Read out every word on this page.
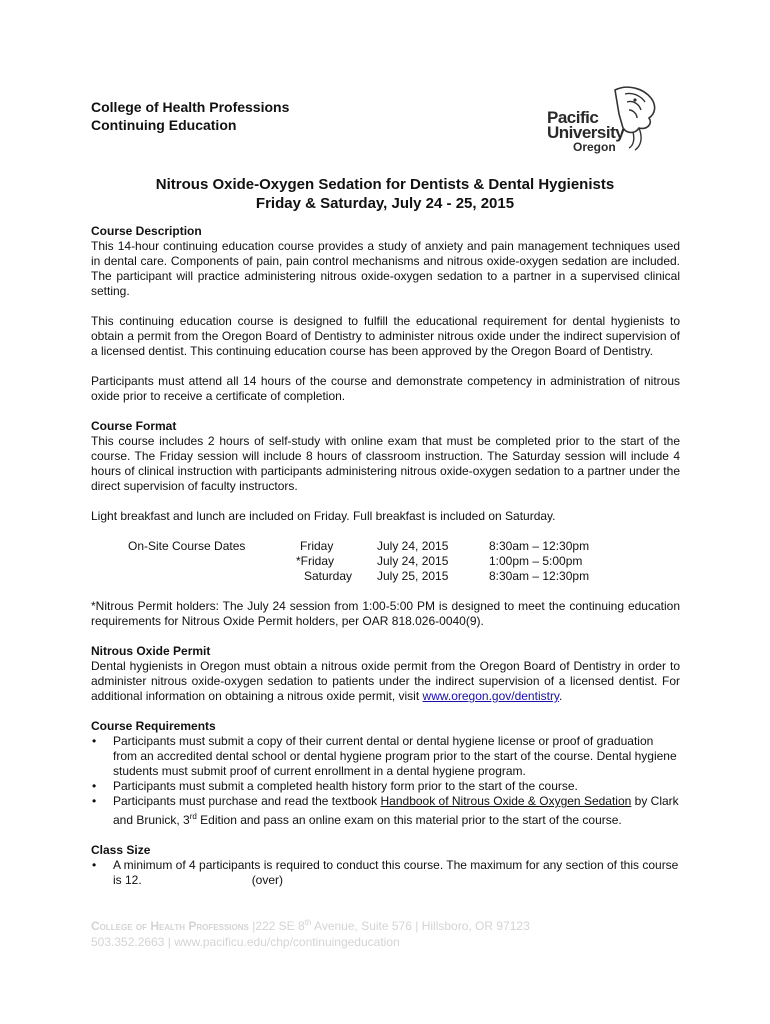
College of Health Professions
Continuing Education	Pacific
University
Oregon
Nitrous Oxide-Oxygen Sedation for Dentists & Dental Hygienists
Friday & Saturday, July 24 - 25, 2015
Course Description

This 14-hour continuing education course provides a study of anxiety and pain management techniques used in dental care. Components of pain, pain control mechanisms and nitrous oxide-oxygen sedation are included. The participant will practice administering nitrous oxide-oxygen sedation to a partner in a supervised clinical setting.

This continuing education course is designed to fulfill the educational requirement for dental hygienists to obtain a permit from the Oregon Board of Dentistry to administer nitrous oxide under the indirect supervision of a licensed dentist. This continuing education course has been approved by the Oregon Board of Dentistry.

Participants must attend all 14 hours of the course and demonstrate competency in administration of nitrous oxide prior to receive a certificate of completion.

Course Format

This course includes 2 hours of self-study with online exam that must be completed prior to the start of the course. The Friday session will include 8 hours of classroom instruction. The Saturday session will include 4 hours of clinical instruction with participants administering nitrous oxide-oxygen sedation to a partner under the direct supervision of faculty instructors.

Light breakfast and lunch are included on Friday. Full breakfast is included on Saturday.

On-Site Course Dates	Friday	July 24, 2015	8:30am – 12:30pm
	*Friday	July 24, 2015	1:00pm – 5:00pm
	Saturday	July 25, 2015	8:30am – 12:30pm

*Nitrous Permit holders: The July 24 session from 1:00-5:00 PM is designed to meet the continuing education requirements for Nitrous Oxide Permit holders, per OAR 818.026-0040(9).

Nitrous Oxide Permit

Dental hygienists in Oregon must obtain a nitrous oxide permit from the Oregon Board of Dentistry in order to administer nitrous oxide-oxygen sedation to patients under the indirect supervision of a licensed dentist. For additional information on obtaining a nitrous oxide permit, visit www.oregon.gov/dentistry.

Course Requirements
• Participants must submit a copy of their current dental or dental hygiene license or proof of graduation from an accredited dental school or dental hygiene program prior to the start of the course. Dental hygiene students must submit proof of current enrollment in a dental hygiene program.
• Participants must submit a completed health history form prior to the start of the course.
• Participants must purchase and read the textbook Handbook of Nitrous Oxide & Oxygen Sedation by Clark and Brunick, 3rd Edition and pass an online exam on this material prior to the start of the course.
Class Size
• A minimum of 4 participants is required to conduct this course. The maximum for any section of this course is 12.	(over)
College of Health Professions |222 SE 8th Avenue, Suite 576 | Hillsboro, OR 97123
503.352.2663 | www.pacificu.edu/chp/continuingeducation
